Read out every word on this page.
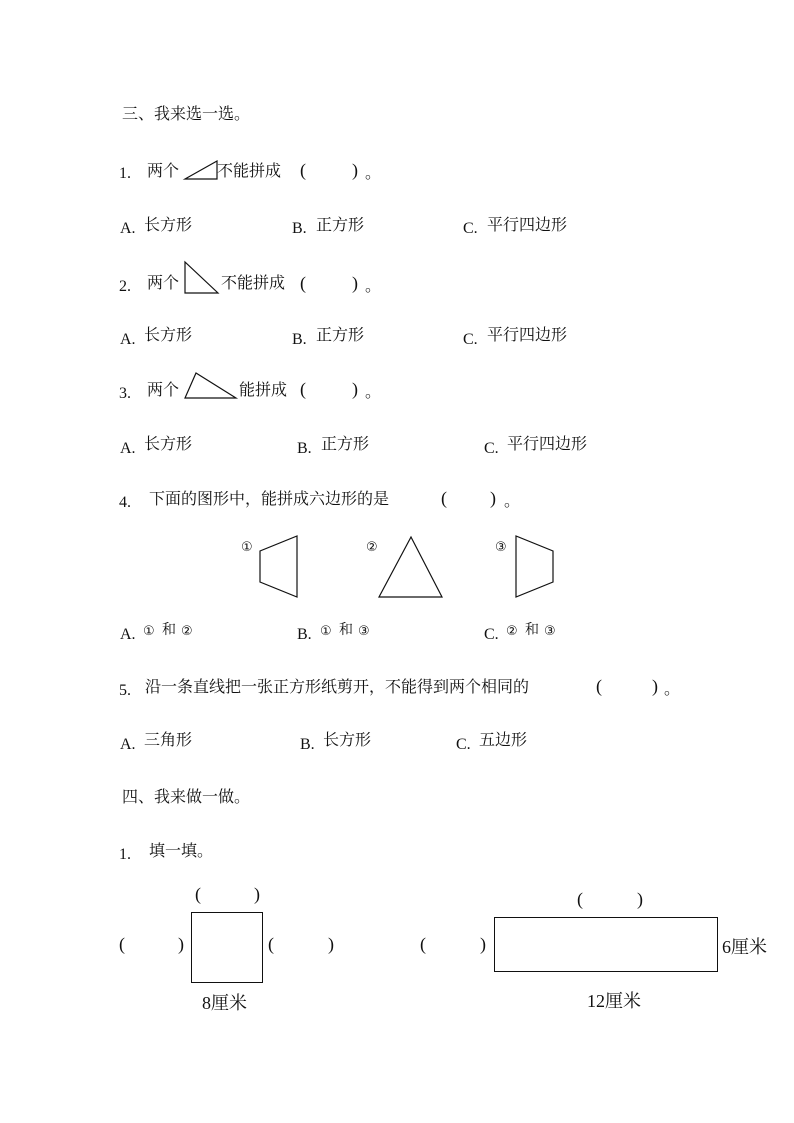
三、我来选一选。
1. 两个 不能拼成 (	) 。
A. 长方形	B. 正方形	C. 平行四边形
2. 两个	不能拼成 (	) 。
A. 长方形	B. 正方形	C. 平行四边形
3. 两个	能拼成 (	) 。
A. 长方形	B. 正方形	C. 平行四边形
4. 下面的图形中，能拼成六边形的是	( ) 。
①	②	③
A. ① 和 ②	B. ① 和 ③	C. ② 和 ③
5. 沿一条直线把一张正方形纸剪开，不能得到两个相同的	(	) 。
A. 三角形	B. 长方形	C. 五边形
四、我来做一做。
1. 填一填。
(	)
(	)	(	)
8厘米
(	)
(	)	6厘米
12厘米
